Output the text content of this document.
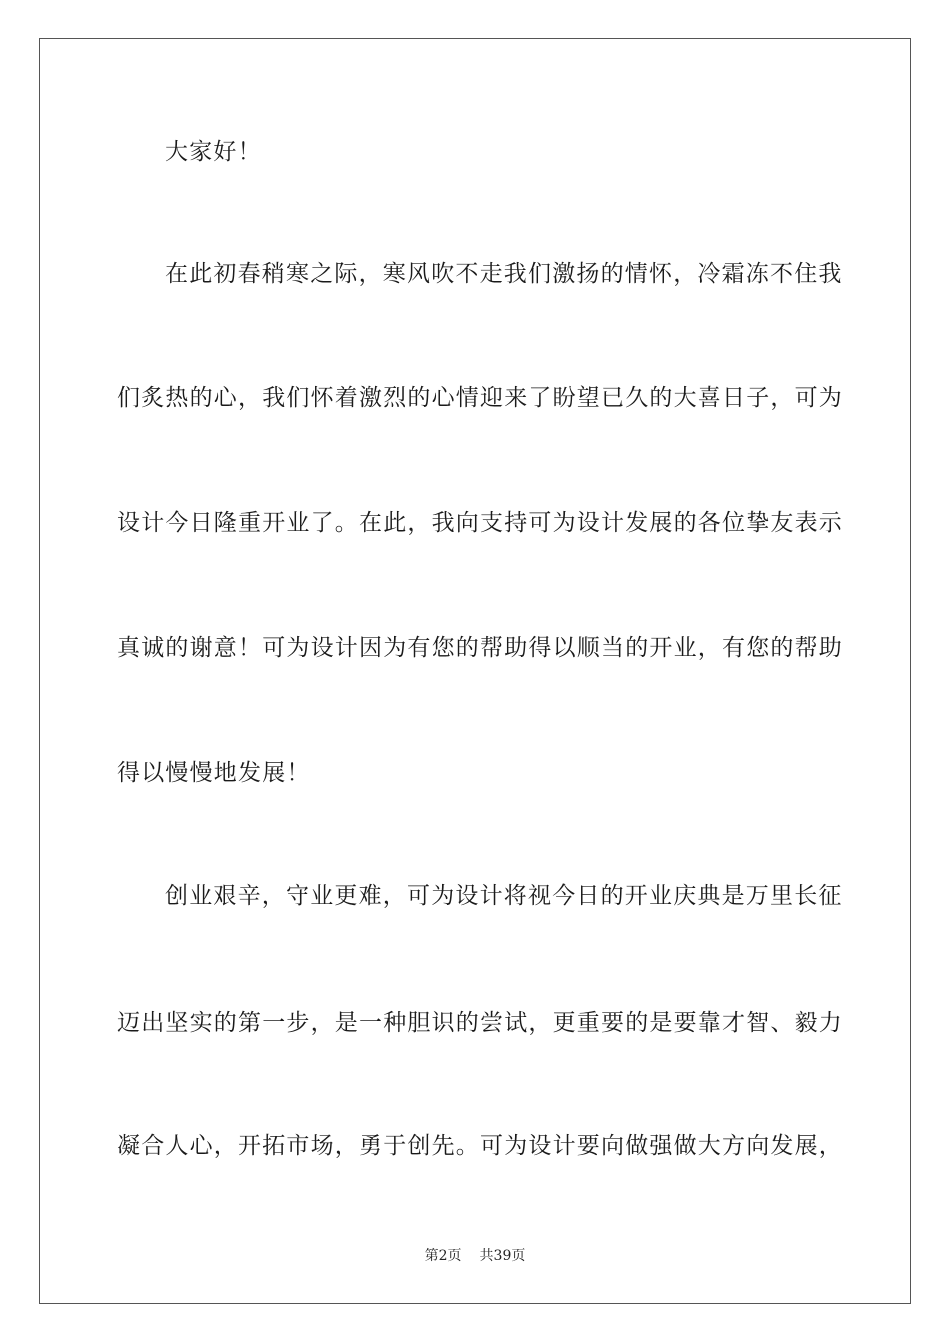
大家好！
在此初春稍寒之际，寒风吹不走我们激扬的情怀，冷霜冻不住我
们炙热的心，我们怀着激烈的心情迎来了盼望已久的大喜日子，可为
设计今日隆重开业了。在此，我向支持可为设计发展的各位挚友表示
真诚的谢意！可为设计因为有您的帮助得以顺当的开业，有您的帮助
得以慢慢地发展！
创业艰辛，守业更难，可为设计将视今日的开业庆典是万里长征
迈出坚实的第一步，是一种胆识的尝试，更重要的是要靠才智、毅力
凝合人心，开拓市场，勇于创先。可为设计要向做强做大方向发展，
第2页 共39页
